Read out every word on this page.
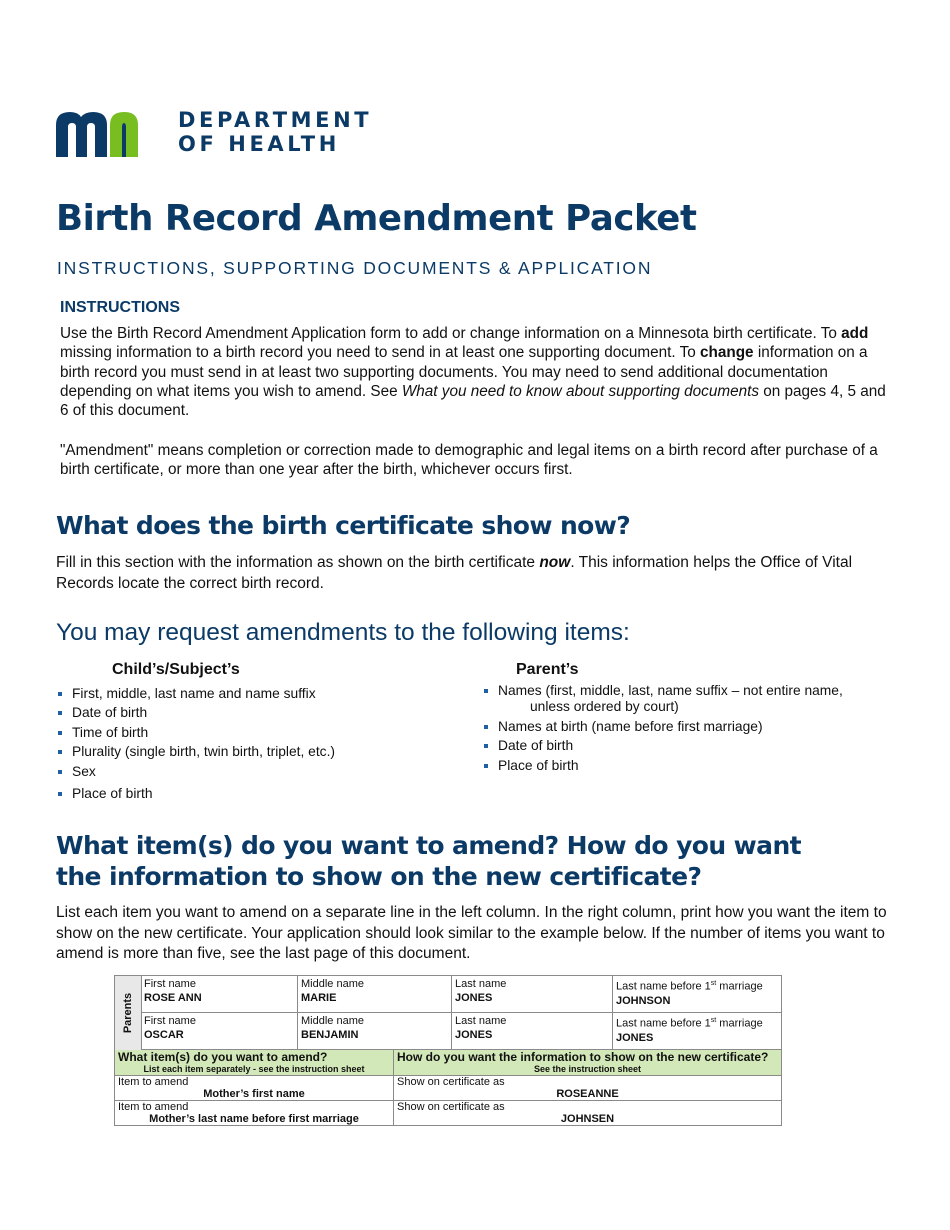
DEPARTMENT
OF HEALTH
Birth Record Amendment Packet
INSTRUCTIONS, SUPPORTING DOCUMENTS & APPLICATION
INSTRUCTIONS

Use the Birth Record Amendment Application form to add or change information on a Minnesota birth certificate. To add missing information to a birth record you need to send in at least one supporting document. To change information on a birth record you must send in at least two supporting documents. You may need to send additional documentation depending on what items you wish to amend. See What you need to know about supporting documents on pages 4, 5 and 6 of this document.

"Amendment" means completion or correction made to demographic and legal items on a birth record after purchase of a birth certificate, or more than one year after the birth, whichever occurs first.

What does the birth certificate show now?

Fill in this section with the information as shown on the birth certificate now. This information helps the Office of Vital Records locate the correct birth record.

You may request amendments to the following items:
Child’s/Subject’s
First, middle, last name and name suffix
Date of birth
Time of birth
Plurality (single birth, twin birth, triplet, etc.)
Sex
Place of birth
Parent’s
Names (first, middle, last, name suffix – not entire name,
unless ordered by court)
Names at birth (name before first marriage)
Date of birth
Place of birth
What item(s) do you want to amend? How do you want the information to show on the new certificate?

List each item you want to amend on a separate line in the left column. In the right column, print how you want the item to show on the new certificate. Your application should look similar to the example below. If the number of items you want to amend is more than five, see the last page of this document.

Parents
First name
ROSE ANN
Middle name
MARIE
Last name
JONES
Last name before 1st marriage
JOHNSON
First name
OSCAR
Middle name
BENJAMIN
Last name
JONES
Last name before 1st marriage
JONES
What item(s) do you want to amend?
List each item separately - see the instruction sheet
How do you want the information to show on the new certificate?
See the instruction sheet
Item to amend
Mother’s first name
Show on certificate as
ROSEANNE
Item to amend
Mother’s last name before first marriage
Show on certificate as
JOHNSEN
